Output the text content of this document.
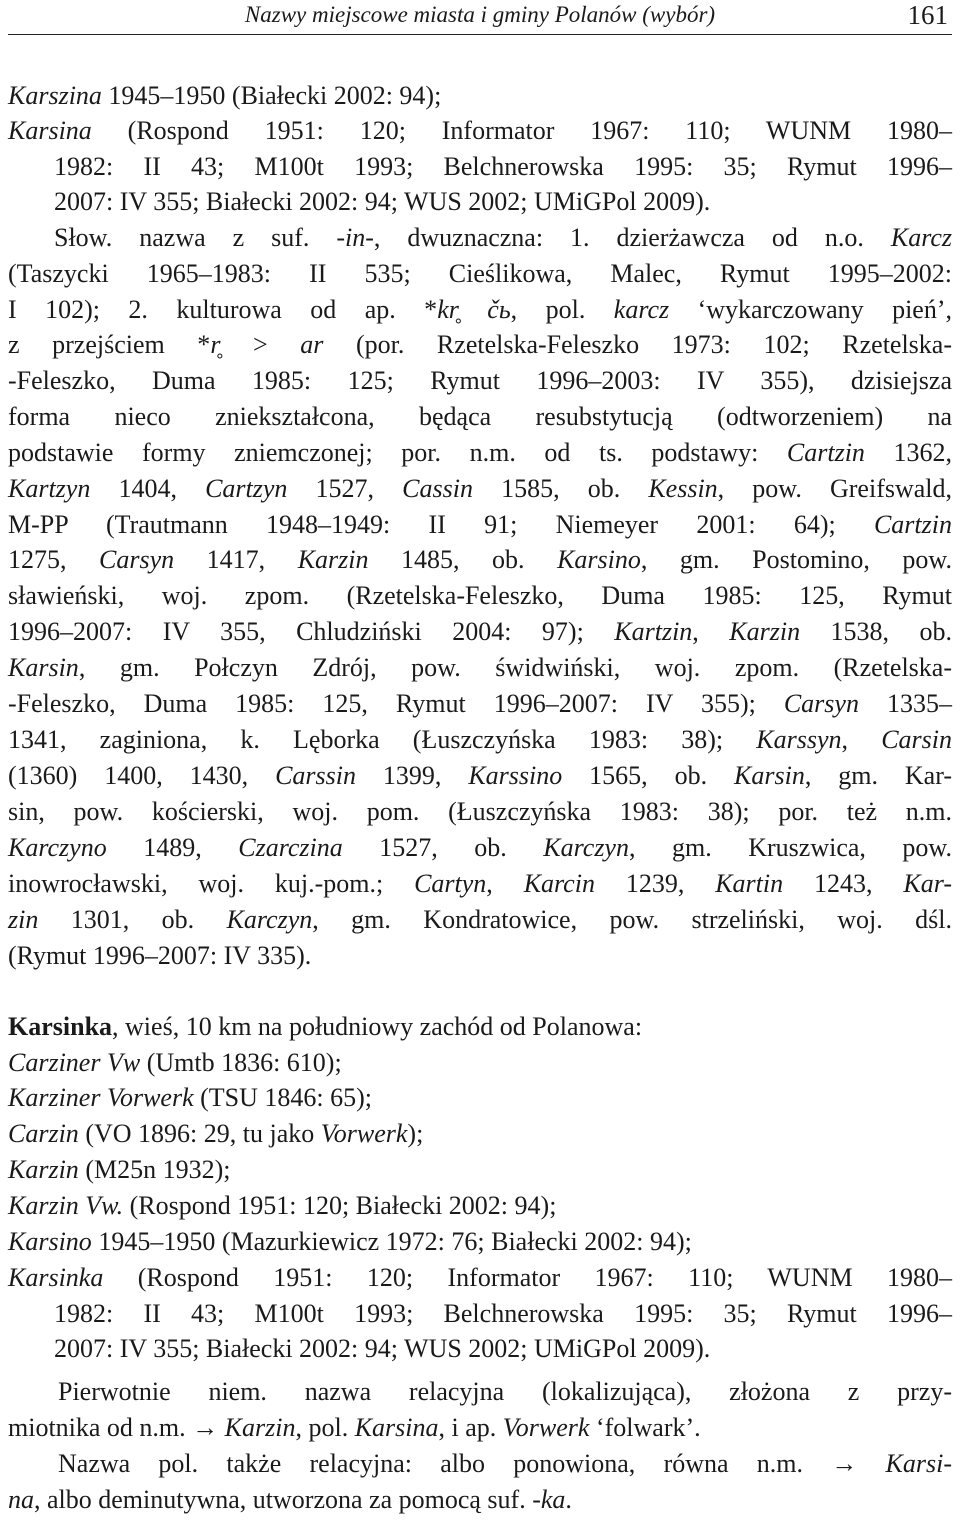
Nazwy miejscowe miasta i gminy Polanów (wybór)	161
Karszina 1945–1950 (Białecki 2002: 94);
Karsina (Rospond 1951: 120; Informator 1967: 110; WUNM 1980–
1982: II 43; M100t 1993; Belchnerowska 1995: 35; Rymut 1996–
2007: IV 355; Białecki 2002: 94; WUS 2002; UMiGPol 2009).
Słow. nazwa z suf. -in-, dwuznaczna: 1. dzierżawcza od n.o. Karcz
(Taszycki 1965–1983: II 535; Cieślikowa, Malec, Rymut 1995–2002:
I 102); 2. kulturowa od ap. *kr̥ čь, pol. karcz ‘wykarczowany pień’,
z przejściem *r̥ > ar (por. Rzetelska-Feleszko 1973: 102; Rzetelska-
-Feleszko, Duma 1985: 125; Rymut 1996–2003: IV 355), dzisiejsza
forma nieco zniekształcona, będąca resubstytucją (odtworzeniem) na
podstawie formy zniemczonej; por. n.m. od ts. podstawy: Cartzin 1362,
Kartzyn 1404, Cartzyn 1527, Cassin 1585, ob. Kessin, pow. Greifswald,
M-PP (Trautmann 1948–1949: II 91; Niemeyer 2001: 64); Cartzin
1275, Carsyn 1417, Karzin 1485, ob. Karsino, gm. Postomino, pow.
sławieński, woj. zpom. (Rzetelska-Feleszko, Duma 1985: 125, Rymut
1996–2007: IV 355, Chludziński 2004: 97); Kartzin, Karzin 1538, ob.
Karsin, gm. Połczyn Zdrój, pow. świdwiński, woj. zpom. (Rzetelska-
-Feleszko, Duma 1985: 125, Rymut 1996–2007: IV 355); Carsyn 1335–
1341, zaginiona, k. Lęborka (Łuszczyńska 1983: 38); Karssyn, Carsin
(1360) 1400, 1430, Carssin 1399, Karssino 1565, ob. Karsin, gm. Kar-
sin, pow. kościerski, woj. pom. (Łuszczyńska 1983: 38); por. też n.m.
Karczyno 1489, Czarczina 1527, ob. Karczyn, gm. Kruszwica, pow.
inowrocławski, woj. kuj.-pom.; Cartyn, Karcin 1239, Kartin 1243, Kar-
zin 1301, ob. Karczyn, gm. Kondratowice, pow. strzeliński, woj. dśl.
(Rymut 1996–2007: IV 335).
Karsinka, wieś, 10 km na południowy zachód od Polanowa:
Carziner Vw (Umtb 1836: 610);
Karziner Vorwerk (TSU 1846: 65);
Carzin (VO 1896: 29, tu jako Vorwerk);
Karzin (M25n 1932);
Karzin Vw. (Rospond 1951: 120; Białecki 2002: 94);
Karsino 1945–1950 (Mazurkiewicz 1972: 76; Białecki 2002: 94);
Karsinka (Rospond 1951: 120; Informator 1967: 110; WUNM 1980–
1982: II 43; M100t 1993; Belchnerowska 1995: 35; Rymut 1996–
2007: IV 355; Białecki 2002: 94; WUS 2002; UMiGPol 2009).
Pierwotnie niem. nazwa relacyjna (lokalizująca), złożona z przy-
miotnika od n.m. → Karzin, pol. Karsina, i ap. Vorwerk ‘folwark’.
Nazwa pol. także relacyjna: albo ponowiona, równa n.m. → Karsi-
na, albo deminutywna, utworzona za pomocą suf. -ka.
